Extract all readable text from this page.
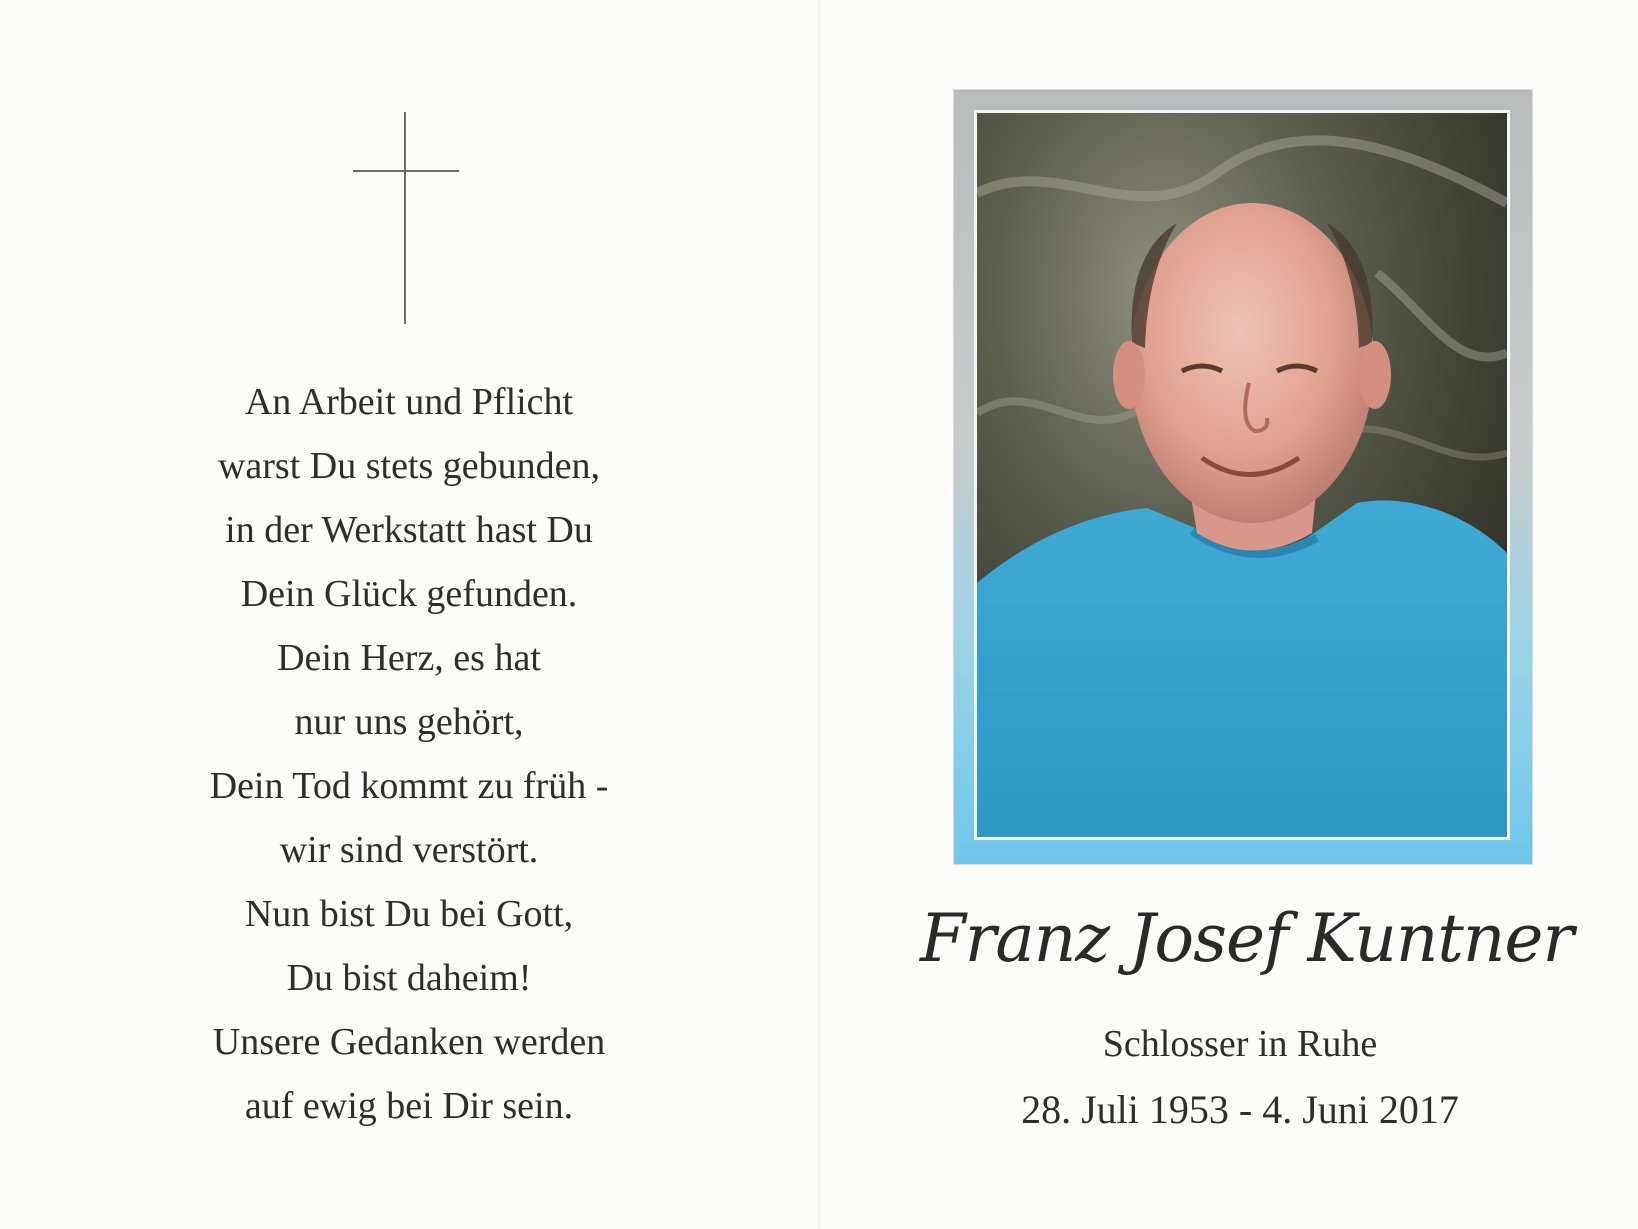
An Arbeit und Pflicht
warst Du stets gebunden,
in der Werkstatt hast Du
Dein Glück gefunden.
Dein Herz, es hat
nur uns gehört,
Dein Tod kommt zu früh -
wir sind verstört.
Nun bist Du bei Gott,
Du bist daheim!
Unsere Gedanken werden
auf ewig bei Dir sein.
Franz Josef Kuntner
Schlosser in Ruhe
28. Juli 1953 - 4. Juni 2017
